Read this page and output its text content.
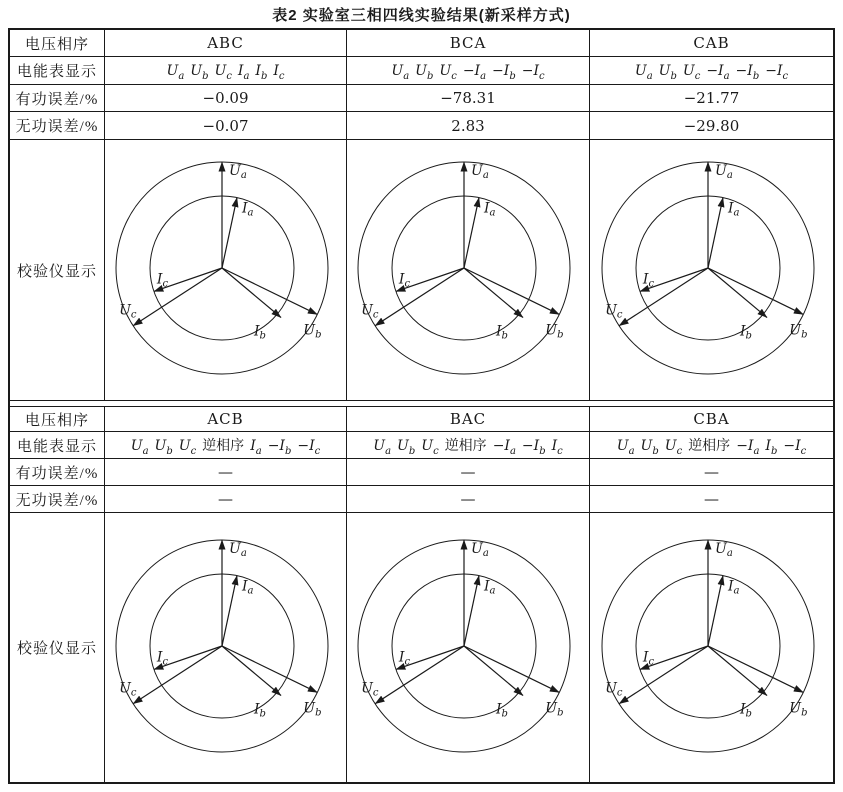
表2 实验室三相四线实验结果(新采样方式)
电压相序	ABC	BCA	CAB
电能表显示	$U_a$ $U_b$ $U_c$ $I_a$ $I_b$ $I_c$	$U_a$ $U_b$ $U_c -I_a -I_b -I_c$	$U_a$ $U_b$ $U_c -I_a -I_b -I_c$
有功误差/%	−0.09	−78.31	−21.77
无功误差/%	−0.07	2.83	−29.80
校验仪显示
$U_a$
$I_a$
$U_b$
$I_b$
$U_c$
$I_c$
$U_a$
$I_a$
$U_b$
$I_b$
$U_c$
$I_c$
$U_a$
$I_a$
$U_b$
$I_b$
$U_c$
$I_c$
电压相序	ACB	BAC	CBA
电能表显示	$U_a$ $U_b$ $U_c$ 逆相序 $I_a -I_b -I_c$	$U_a$ $U_b$ $U_c$ 逆相序 $-I_a -I_b$ $I_c$	$U_a$ $U_b$ $U_c$ 逆相序 $-I_a$ $I_b -I_c$
有功误差/%	—	—	—
无功误差/%	—	—	—
校验仪显示
$U_a$
$I_a$
$U_b$
$I_b$
$U_c$
$I_c$
$U_a$
$I_a$
$U_b$
$I_b$
$U_c$
$I_c$
$U_a$
$I_a$
$U_b$
$I_b$
$U_c$
$I_c$
